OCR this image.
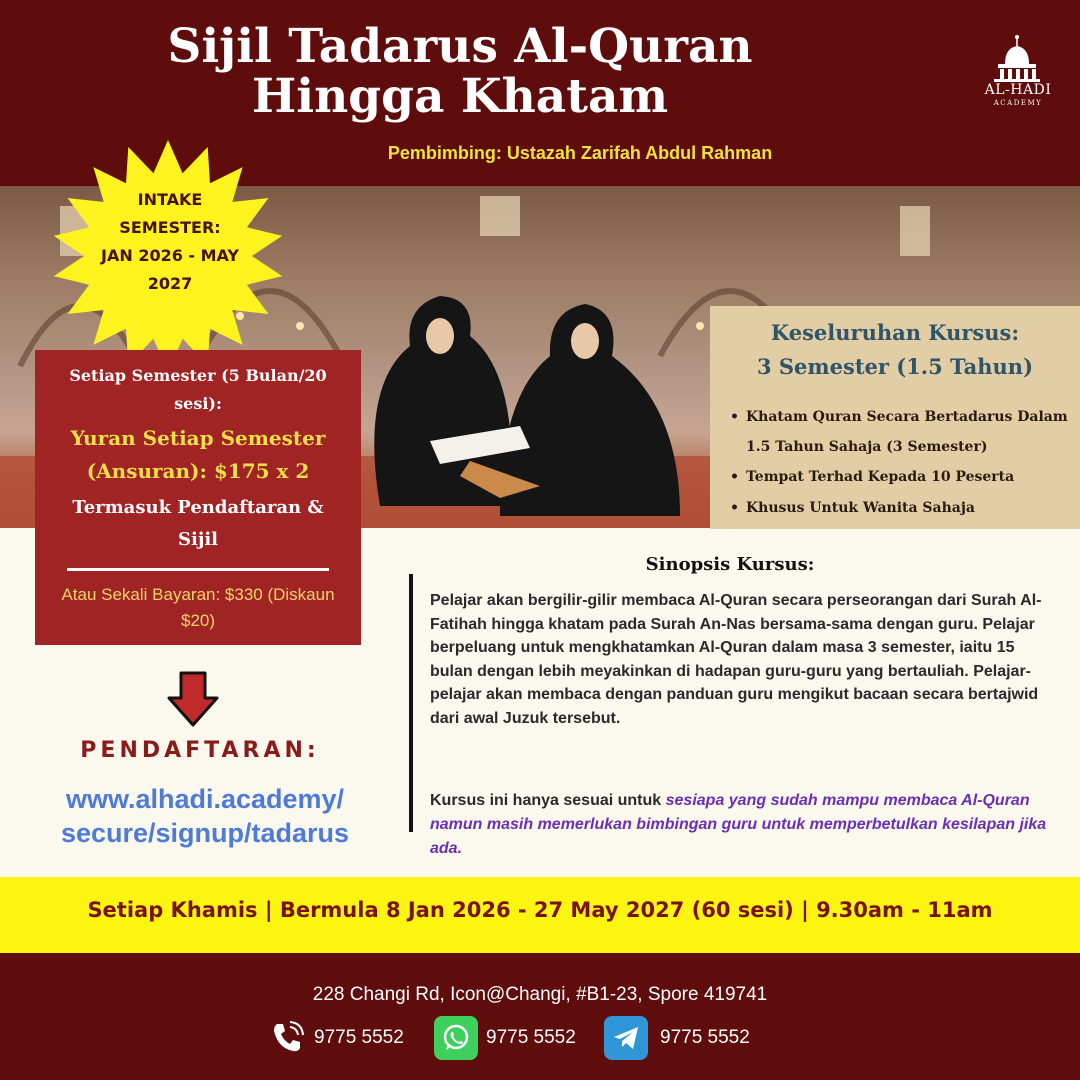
Sijil Tadarus Al-Quran Hingga Khatam
Pembimbing: Ustazah Zarifah Abdul Rahman
AL-HADI
ACADEMY
INTAKE SEMESTER:
JAN 2026 - MAY 2027
Setiap Semester (5 Bulan/20 sesi):
Yuran Setiap Semester (Ansuran): $175 x 2
Termasuk Pendaftaran & Sijil
Atau Sekali Bayaran: $330 (Diskaun $20)
Keseluruhan Kursus:
3 Semester (1.5 Tahun)
• Khatam Quran Secara Bertadarus Dalam 1.5 Tahun Sahaja (3 Semester)
• Tempat Terhad Kepada 10 Peserta
• Khusus Untuk Wanita Sahaja
Sinopsis Kursus:
Pelajar akan bergilir-gilir membaca Al-Quran secara perseorangan dari Surah Al-Fatihah hingga khatam pada Surah An-Nas bersama-sama dengan guru. Pelajar berpeluang untuk mengkhatamkan Al-Quran dalam masa 3 semester, iaitu 15 bulan dengan lebih meyakinkan di hadapan guru-guru yang bertauliah. Pelajar-pelajar akan membaca dengan panduan guru mengikut bacaan secara bertajwid dari awal Juzuk tersebut.
Kursus ini hanya sesuai untuk sesiapa yang sudah mampu membaca Al-Quran namun masih memerlukan bimbingan guru untuk memperbetulkan kesilapan jika ada.
PENDAFTARAN:
www.alhadi.academy/
secure/signup/tadarus
Setiap Khamis | Bermula 8 Jan 2026 - 27 May 2027 (60 sesi) | 9.30am - 11am
228 Changi Rd, Icon@Changi, #B1-23, Spore 419741
9775 5552	9775 5552	9775 5552
